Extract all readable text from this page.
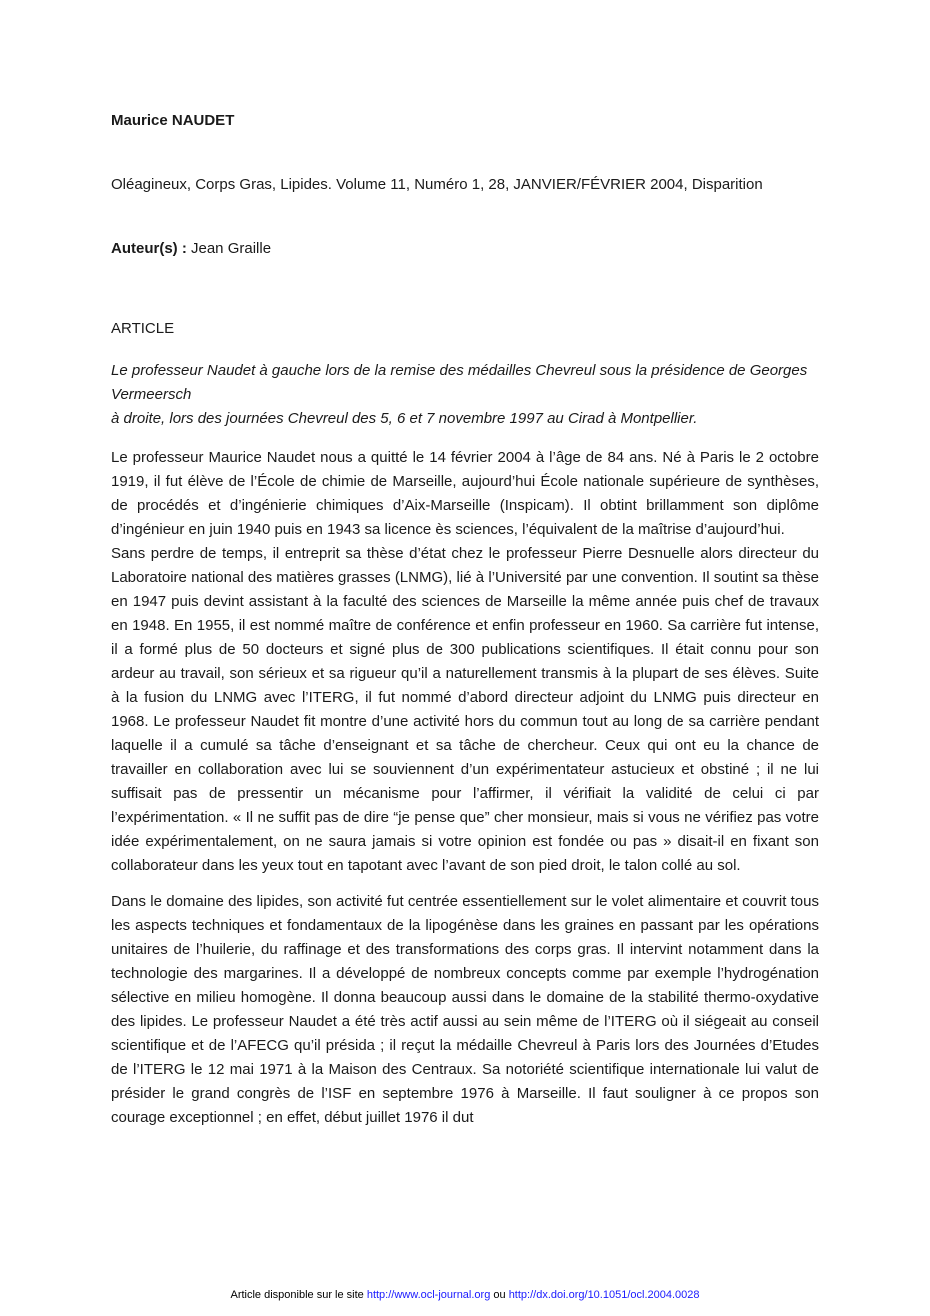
Maurice NAUDET

Oléagineux, Corps Gras, Lipides. Volume 11, Numéro 1, 28, JANVIER/FÉVRIER 2004, Disparition

Auteur(s) : Jean Graille

ARTICLE

Le professeur Naudet à gauche lors de la remise des médailles Chevreul sous la présidence de Georges Vermeersch
à droite, lors des journées Chevreul des 5, 6 et 7 novembre 1997 au Cirad à Montpellier.

Le professeur Maurice Naudet nous a quitté le 14 février 2004 à l’âge de 84 ans. Né à Paris le 2 octobre 1919, il fut élève de l’École de chimie de Marseille, aujourd’hui École nationale supérieure de synthèses, de procédés et d’ingénierie chimiques d’Aix-Marseille (Inspicam). Il obtint brillamment son diplôme d’ingénieur en juin 1940 puis en 1943 sa licence ès sciences, l’équivalent de la maîtrise d’aujourd’hui.

Sans perdre de temps, il entreprit sa thèse d’état chez le professeur Pierre Desnuelle alors directeur du Laboratoire national des matières grasses (LNMG), lié à l’Université par une convention. Il soutint sa thèse en 1947 puis devint assistant à la faculté des sciences de Marseille la même année puis chef de travaux en 1948. En 1955, il est nommé maître de conférence et enfin professeur en 1960. Sa carrière fut intense, il a formé plus de 50 docteurs et signé plus de 300 publications scientifiques. Il était connu pour son ardeur au travail, son sérieux et sa rigueur qu’il a naturellement transmis à la plupart de ses élèves. Suite à la fusion du LNMG avec l’ITERG, il fut nommé d’abord directeur adjoint du LNMG puis directeur en 1968. Le professeur Naudet fit montre d’une activité hors du commun tout au long de sa carrière pendant laquelle il a cumulé sa tâche d’enseignant et sa tâche de chercheur. Ceux qui ont eu la chance de travailler en collaboration avec lui se souviennent d’un expérimentateur astucieux et obstiné ; il ne lui suffisait pas de pressentir un mécanisme pour l’affirmer, il vérifiait la validité de celui ci par l’expérimentation. « Il ne suffit pas de dire “je pense que” cher monsieur, mais si vous ne vérifiez pas votre idée expérimentalement, on ne saura jamais si votre opinion est fondée ou pas » disait-il en fixant son collaborateur dans les yeux tout en tapotant avec l’avant de son pied droit, le talon collé au sol.

Dans le domaine des lipides, son activité fut centrée essentiellement sur le volet alimentaire et couvrit tous les aspects techniques et fondamentaux de la lipogénèse dans les graines en passant par les opérations unitaires de l’huilerie, du raffinage et des transformations des corps gras. Il intervint notamment dans la technologie des margarines. Il a développé de nombreux concepts comme par exemple l’hydrogénation sélective en milieu homogène. Il donna beaucoup aussi dans le domaine de la stabilité thermo-oxydative des lipides. Le professeur Naudet a été très actif aussi au sein même de l’ITERG où il siégeait au conseil scientifique et de l’AFECG qu’il présida ; il reçut la médaille Chevreul à Paris lors des Journées d’Etudes de l’ITERG le 12 mai 1971 à la Maison des Centraux. Sa notoriété scientifique internationale lui valut de présider le grand congrès de l’ISF en septembre 1976 à Marseille. Il faut souligner à ce propos son courage exceptionnel ; en effet, début juillet 1976 il dut

Article disponible sur le site http://www.ocl-journal.org ou http://dx.doi.org/10.1051/ocl.2004.0028
